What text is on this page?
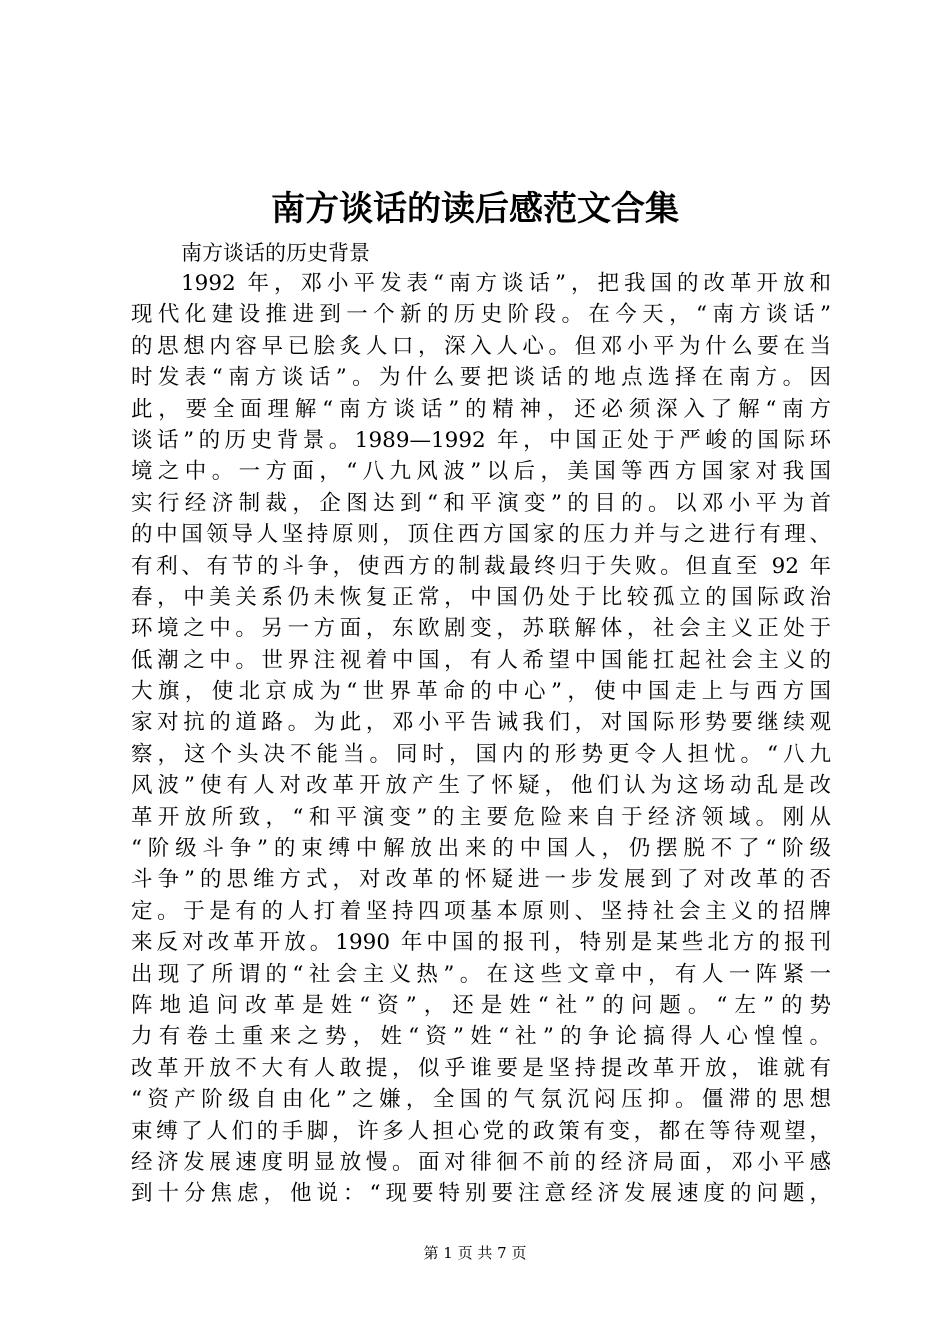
南方谈话的读后感范文合集

南方谈话的历史背景

1992 年，邓小平发表“南方谈话”，把我国的改革开放和
现代化建设推进到一个新的历史阶段。在今天，“南方谈话”
的思想内容早已脍炙人口，深入人心。但邓小平为什么要在当
时发表“南方谈话”。为什么要把谈话的地点选择在南方。因
此，要全面理解“南方谈话”的精神，还必须深入了解“南方
谈话”的历史背景。1989—1992 年，中国正处于严峻的国际环
境之中。一方面，“八九风波”以后，美国等西方国家对我国
实行经济制裁，企图达到“和平演变”的目的。以邓小平为首
的中国领导人坚持原则，顶住西方国家的压力并与之进行有理、
有利、有节的斗争，使西方的制裁最终归于失败。但直至 92 年
春，中美关系仍未恢复正常，中国仍处于比较孤立的国际政治
环境之中。另一方面，东欧剧变，苏联解体，社会主义正处于
低潮之中。世界注视着中国，有人希望中国能扛起社会主义的
大旗，使北京成为“世界革命的中心”，使中国走上与西方国
家对抗的道路。为此，邓小平告诫我们，对国际形势要继续观
察，这个头决不能当。同时，国内的形势更令人担忧。“八九
风波”使有人对改革开放产生了怀疑，他们认为这场动乱是改
革开放所致，“和平演变”的主要危险来自于经济领域。刚从
“阶级斗争”的束缚中解放出来的中国人，仍摆脱不了“阶级
斗争”的思维方式，对改革的怀疑进一步发展到了对改革的否
定。于是有的人打着坚持四项基本原则、坚持社会主义的招牌
来反对改革开放。1990 年中国的报刊，特别是某些北方的报刊
出现了所谓的“社会主义热”。在这些文章中，有人一阵紧一
阵地追问改革是姓“资”，还是姓“社”的问题。“左”的势
力有卷土重来之势，姓“资”姓“社”的争论搞得人心惶惶。
改革开放不大有人敢提，似乎谁要是坚持提改革开放，谁就有
“资产阶级自由化”之嫌，全国的气氛沉闷压抑。僵滞的思想
束缚了人们的手脚，许多人担心党的政策有变，都在等待观望，
经济发展速度明显放慢。面对徘徊不前的经济局面，邓小平感
到十分焦虑，他说：“现要特别要注意经济发展速度的问题，
第 1 页 共 7 页
